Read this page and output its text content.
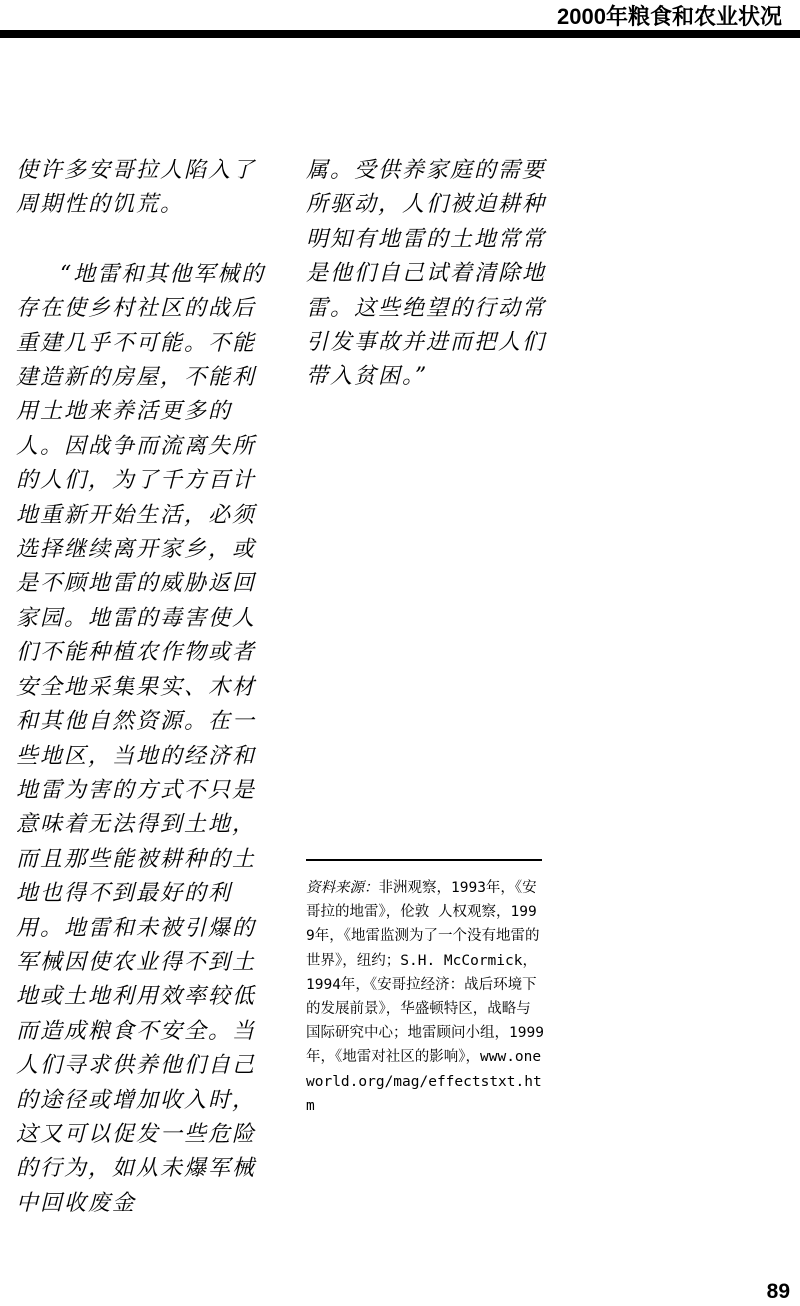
2000年粮食和农业状况

使许多安哥拉人陷入了周期性的饥荒。

“地雷和其他军械的存在使乡村社区的战后重建几乎不可能。不能建造新的房屋，不能利用土地来养活更多的人。因战争而流离失所的人们，为了千方百计地重新开始生活，必须选择继续离开家乡，或是不顾地雷的威胁返回家园。地雷的毒害使人们不能种植农作物或者安全地采集果实、木材和其他自然资源。在一些地区，当地的经济和地雷为害的方式不只是意味着无法得到土地，而且那些能被耕种的土地也得不到最好的利用。地雷和未被引爆的军械因使农业得不到土地或土地利用效率较低而造成粮食不安全。当人们寻求供养他们自己的途径或增加收入时，这又可以促发一些危险的行为，如从未爆军械中回收废金

属。受供养家庭的需要所驱动，人们被迫耕种明知有地雷的土地常常是他们自己试着清除地雷。这些绝望的行动常引发事故并进而把人们带入贫困。”

资料来源：非洲观察，1993年，《安哥拉的地雷》，伦敦 人权观察，1999年，《地雷监测为了一个没有地雷的世界》，纽约；S.H. McCormick，1994年，《安哥拉经济：战后环境下的发展前景》，华盛顿特区，战略与国际研究中心；地雷顾问小组，1999年，《地雷对社区的影响》，www.oneworld.org/mag/effectstxt.htm
89
